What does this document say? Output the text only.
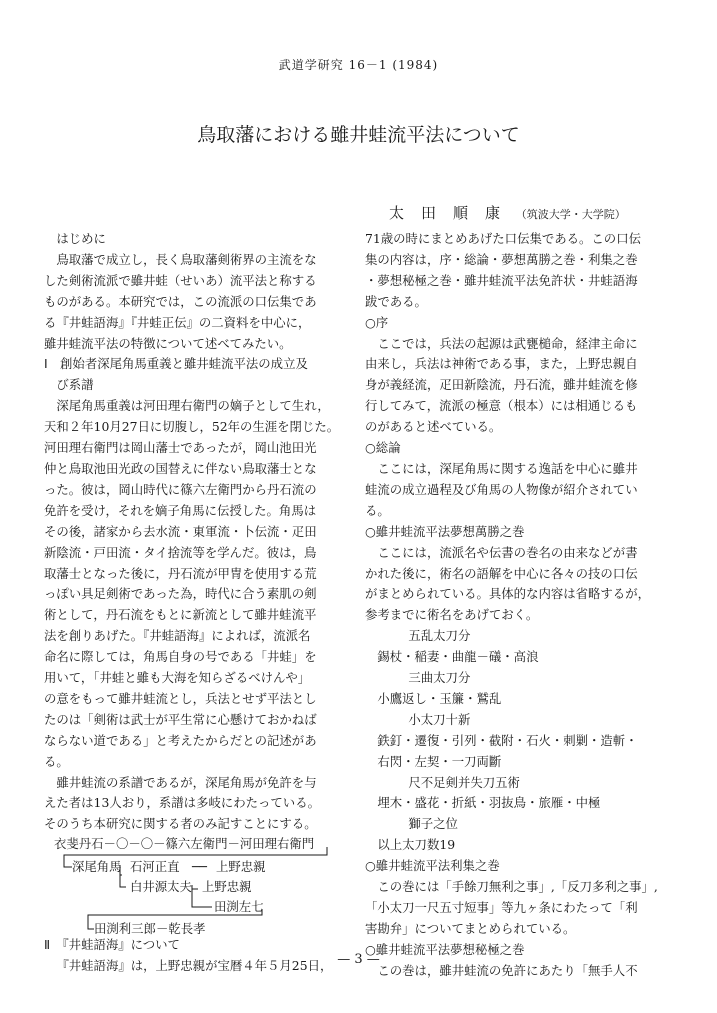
武道学研究 16－1 (1984)
鳥取藩における雖井蛙流平法について
太田順康 （筑波大学・大学院）

はじめに

鳥取藩で成立し，長く鳥取藩剣術界の主流をな

した剣術流派で雖井蛙（せいあ）流平法と称する

ものがある。本研究では，この流派の口伝集であ

る『井蛙語海』『井蛙正伝』の二資料を中心に，

雖井蛙流平法の特徴について述べてみたい。

Ⅰ　創始者深尾角馬重義と雖井蛙流平法の成立及

び系譜

深尾角馬重義は河田理右衛門の嫡子として生れ，

天和２年10月27日に切腹し，52年の生涯を閉じた。

河田理右衛門は岡山藩士であったが，岡山池田光

仲と鳥取池田光政の国替えに伴ない鳥取藩士とな

った。彼は，岡山時代に篠六左衛門から丹石流の

免許を受け，それを嫡子角馬に伝授した。角馬は

その後，諸家から去水流・東軍流・卜伝流・疋田

新陰流・戸田流・タイ捨流等を学んだ。彼は，鳥

取藩士となった後に，丹石流が甲冑を使用する荒

っぽい具足剣術であった為，時代に合う素肌の剣

術として，丹石流をもとに新流として雖井蛙流平

法を創りあげた。『井蛙語海』によれば，流派名

命名に際しては，角馬自身の号である「井蛙」を

用いて，「井蛙と雖も大海を知らざるべけんや」

の意をもって雖井蛙流とし，兵法とせず平法とし

たのは「剣術は武士が平生常に心懸けておかねば

ならない道である」と考えたからだとの記述があ

る。

雖井蛙流の系譜であるが，深尾角馬が免許を与

えた者は13人おり，系譜は多岐にわたっている。

そのうち本研究に関する者のみ記すことにする。

衣斐丹石－〇－〇－篠六左衛門－河田理右衛門
深尾角馬 石河正直 ── 上野忠親
白井源太夫 上野忠親
田渕左七
田渕利三郎－乾長孝

Ⅱ　『井蛙語海』について

『井蛙語海』は，上野忠親が宝暦４年５月25日，

71歳の時にまとめあげた口伝集である。この口伝

集の内容は，序・総論・夢想萬勝之巻・利集之巻

・夢想秘極之巻・雖井蛙流平法免許状・井蛙語海

跋である。

○序

ここでは，兵法の起源は武甕槌命，経津主命に

由来し，兵法は神術である事，また，上野忠親自

身が義経流，疋田新陰流，丹石流，雖井蛙流を修

行してみて，流派の極意（根本）には相通じるも

のがあると述べている。

○総論

ここには，深尾角馬に関する逸話を中心に雖井

蛙流の成立過程及び角馬の人物像が紹介されてい

る。

○雖井蛙流平法夢想萬勝之巻

ここには，流派名や伝書の巻名の由来などが書

かれた後に，術名の語解を中心に各々の技の口伝

がまとめられている。具体的な内容は省略するが，

参考までに術名をあげておく。

五乱太刀分

錫杖・稲妻・曲龍－礒・高浪

三曲太刀分

小鷹返し・玉簾・鷲乱

小太刀十新

鉄釘・遷復・引列・截附・石火・刺剿・造斬・

右閃・左契・一刀両斷

尺不足剣并失刀五術

埋木・盛花・折紙・羽抜鳥・旅雁・中極

獅子之位

以上太刀数19

○雖井蛙流平法利集之巻

この巻には「手餘刀無利之事」,「反刀多利之事」,

「小太刀一尺五寸短事」等九ヶ条にわたって「利

害勘弁」についてまとめられている。

○雖井蛙流平法夢想秘極之巻

この巻は，雖井蛙流の免許にあたり「無手人不

— 3 —
